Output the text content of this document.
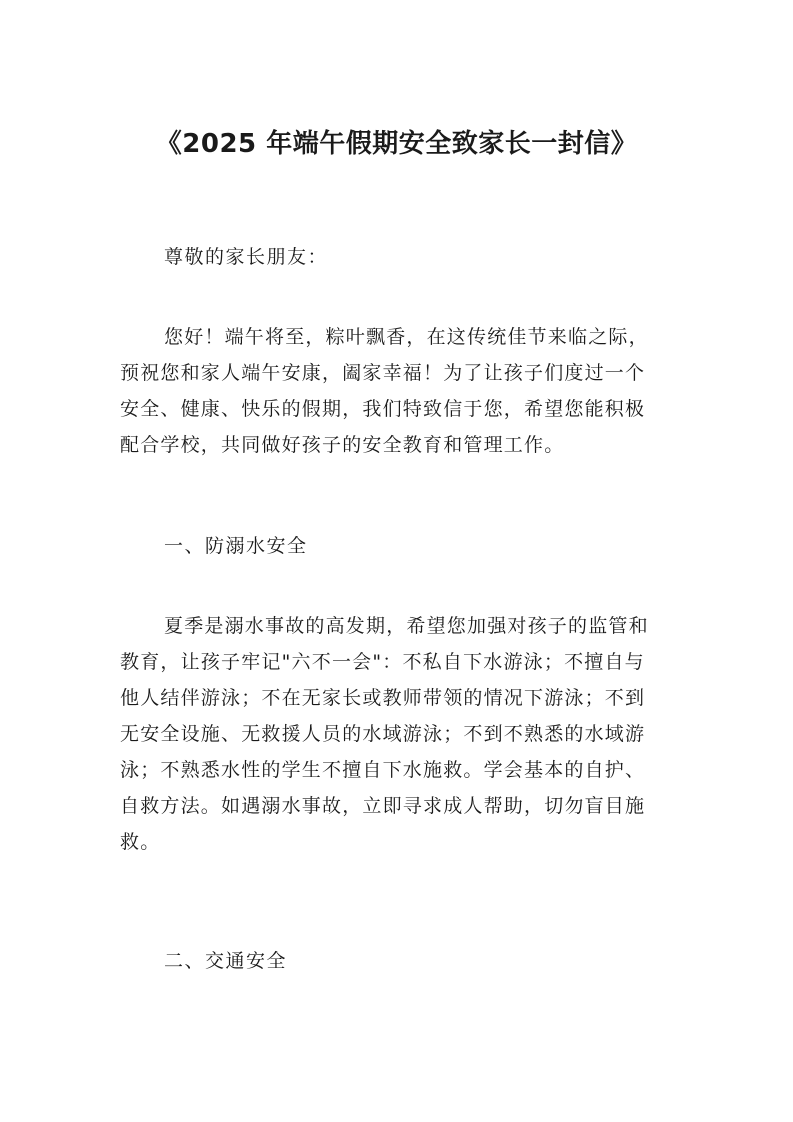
《2025 年端午假期安全致家长一封信》
尊敬的家长朋友：
您好！端午将至，粽叶飘香，在这传统佳节来临之际，
预祝您和家人端午安康，阖家幸福！为了让孩子们度过一个
安全、健康、快乐的假期，我们特致信于您，希望您能积极
配合学校，共同做好孩子的安全教育和管理工作。
一、防溺水安全
夏季是溺水事故的高发期，希望您加强对孩子的监管和
教育，让孩子牢记"六不一会"：不私自下水游泳；不擅自与
他人结伴游泳；不在无家长或教师带领的情况下游泳；不到
无安全设施、无救援人员的水域游泳；不到不熟悉的水域游
泳；不熟悉水性的学生不擅自下水施救。学会基本的自护、
自救方法。如遇溺水事故，立即寻求成人帮助，切勿盲目施
救。
二、交通安全
